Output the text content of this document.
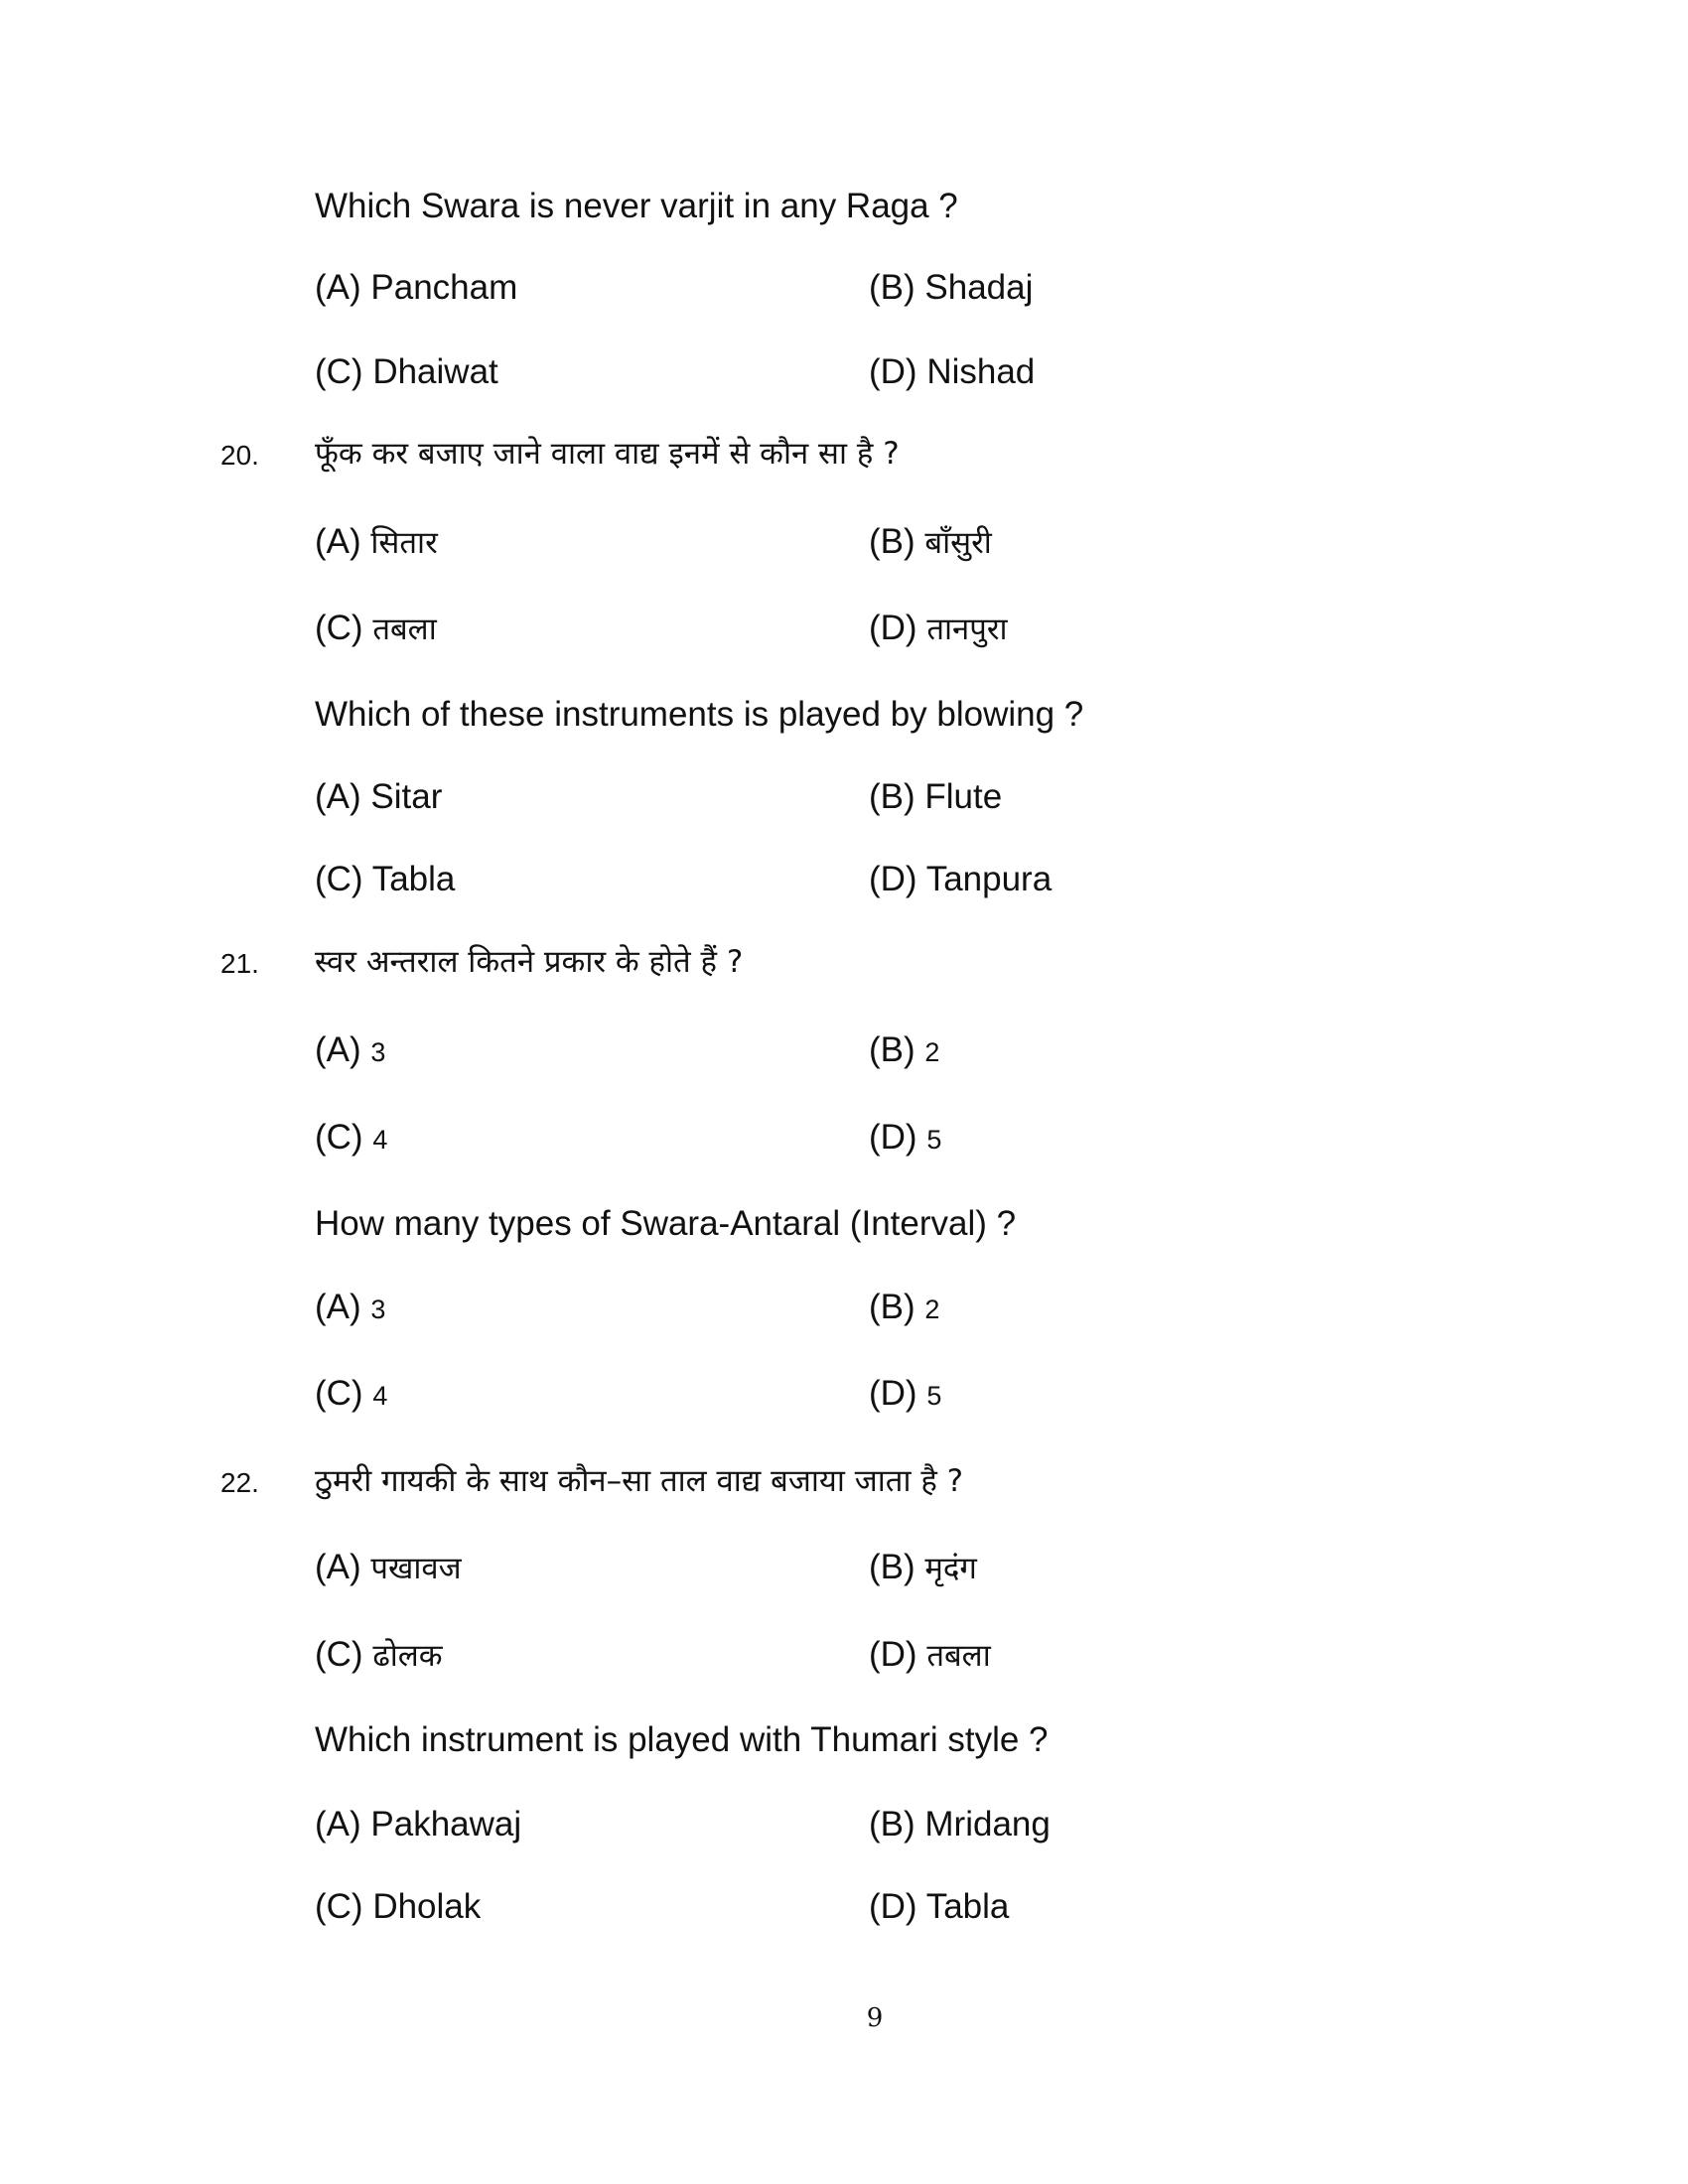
Which Swara is never varjit in any Raga ?
(A) Pancham	(B) Shadaj
(C) Dhaiwat	(D) Nishad
20. फूँक कर बजाए जाने वाला वाद्य इनमें से कौन सा है ?
(A) सितार	(B) बाँसुरी
(C) तबला	(D) तानपुरा
Which of these instruments is played by blowing ?
(A) Sitar	(B) Flute
(C) Tabla	(D) Tanpura
21. स्वर अन्तराल कितने प्रकार के होते हैं ?
(A) 3	(B) 2
(C) 4	(D) 5
How many types of Swara-Antaral (Interval) ?
(A) 3	(B) 2
(C) 4	(D) 5
22. ठुमरी गायकी के साथ कौन–सा ताल वाद्य बजाया जाता है ?
(A) पखावज	(B) मृदंग
(C) ढोलक	(D) तबला
Which instrument is played with Thumari style ?
(A) Pakhawaj	(B) Mridang
(C) Dholak	(D) Tabla
9
